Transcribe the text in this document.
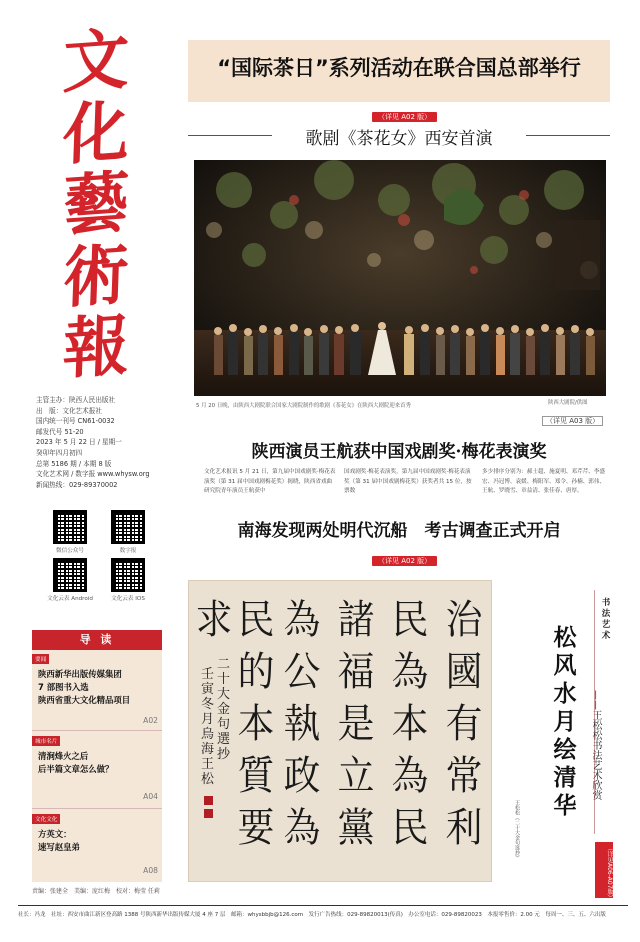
文
化
藝
術
報
主管主办：陕西人民出版社
出　版：文化艺术报社
国内统一刊号 CN61-0032
邮发代号 51-20
2023 年 5 月 22 日 / 星期一
癸卯年四月初四
总第 5186 期 / 本期 8 版
文化艺术网 / 数字报 www.whysw.org
新闻热线：029-89370002
微信公众号	数字报
文化云表 Android	文化云表 IOS
导 读
要闻
陕西新华出版传媒集团
7 部图书入选
陕西省重大文化精品项目
A02
城市名片
清涧烽火之后
后半篇文章怎么做？
A04
文化文化
方英文：
速写赵皇弟
A08
责编：张建全　美编：庞红梅　校对：梅莹 任莉
“国际茶日”系列活动在联合国总部举行
（详见 A02 版）
歌剧《茶花女》西安首演
5 月 20 日晚，由陕西大剧院联合国家大剧院制作的歌剧《茶花女》在陕西大剧院迎来首秀	陕西大剧院/供图
（详见 A03 版）
陕西演员王航获中国戏剧奖·梅花表演奖
文化艺术报讯 5 月 21 日，第九届中国戏剧奖·梅花表演奖（第 31 届中国戏剧梅花奖）揭晓，陕西省戏曲研究院青年演员王航获中
国戏剧奖·梅花表演奖。第九届中国戏剧奖·梅花表演奖（第 31 届中国戏剧梅花奖）获奖者共 15 位，按票数
多少排序分别为：郝士超、施夏明、邓芹芹、李盛宏、冯冠博、袁媛、梅阳军、郑令、孙楠、郭伟、王航、罗晓雪、章益清、张佳春、唐厚。
南海发现两处明代沉船　考古调查正式开启
（详见 A02 版）
治
國
有
常
利
民
為
本
為
民
諸
福
是
立
黨
為
公
執
政
為
民
的
本
質
要
求
二
十
大
金
句
選
抄
壬
寅
冬
月
烏
海
王
松
王松松《二十大金句选抄》
书法艺术
松
风
水
月
绘
清
华
——王松松书法艺术欣赏
（详见A06-A07版）
社长：冯龙　社址：西安市曲江新区登高路 1388 号陕西新华出版传媒大厦 4 座 7 层　邮箱：whysbbjb@126.com　发行广告热线：029-89820013(传真)　办公室电话：029-89820023　本报零售价：2.00 元　每周一、三、五、六出版
